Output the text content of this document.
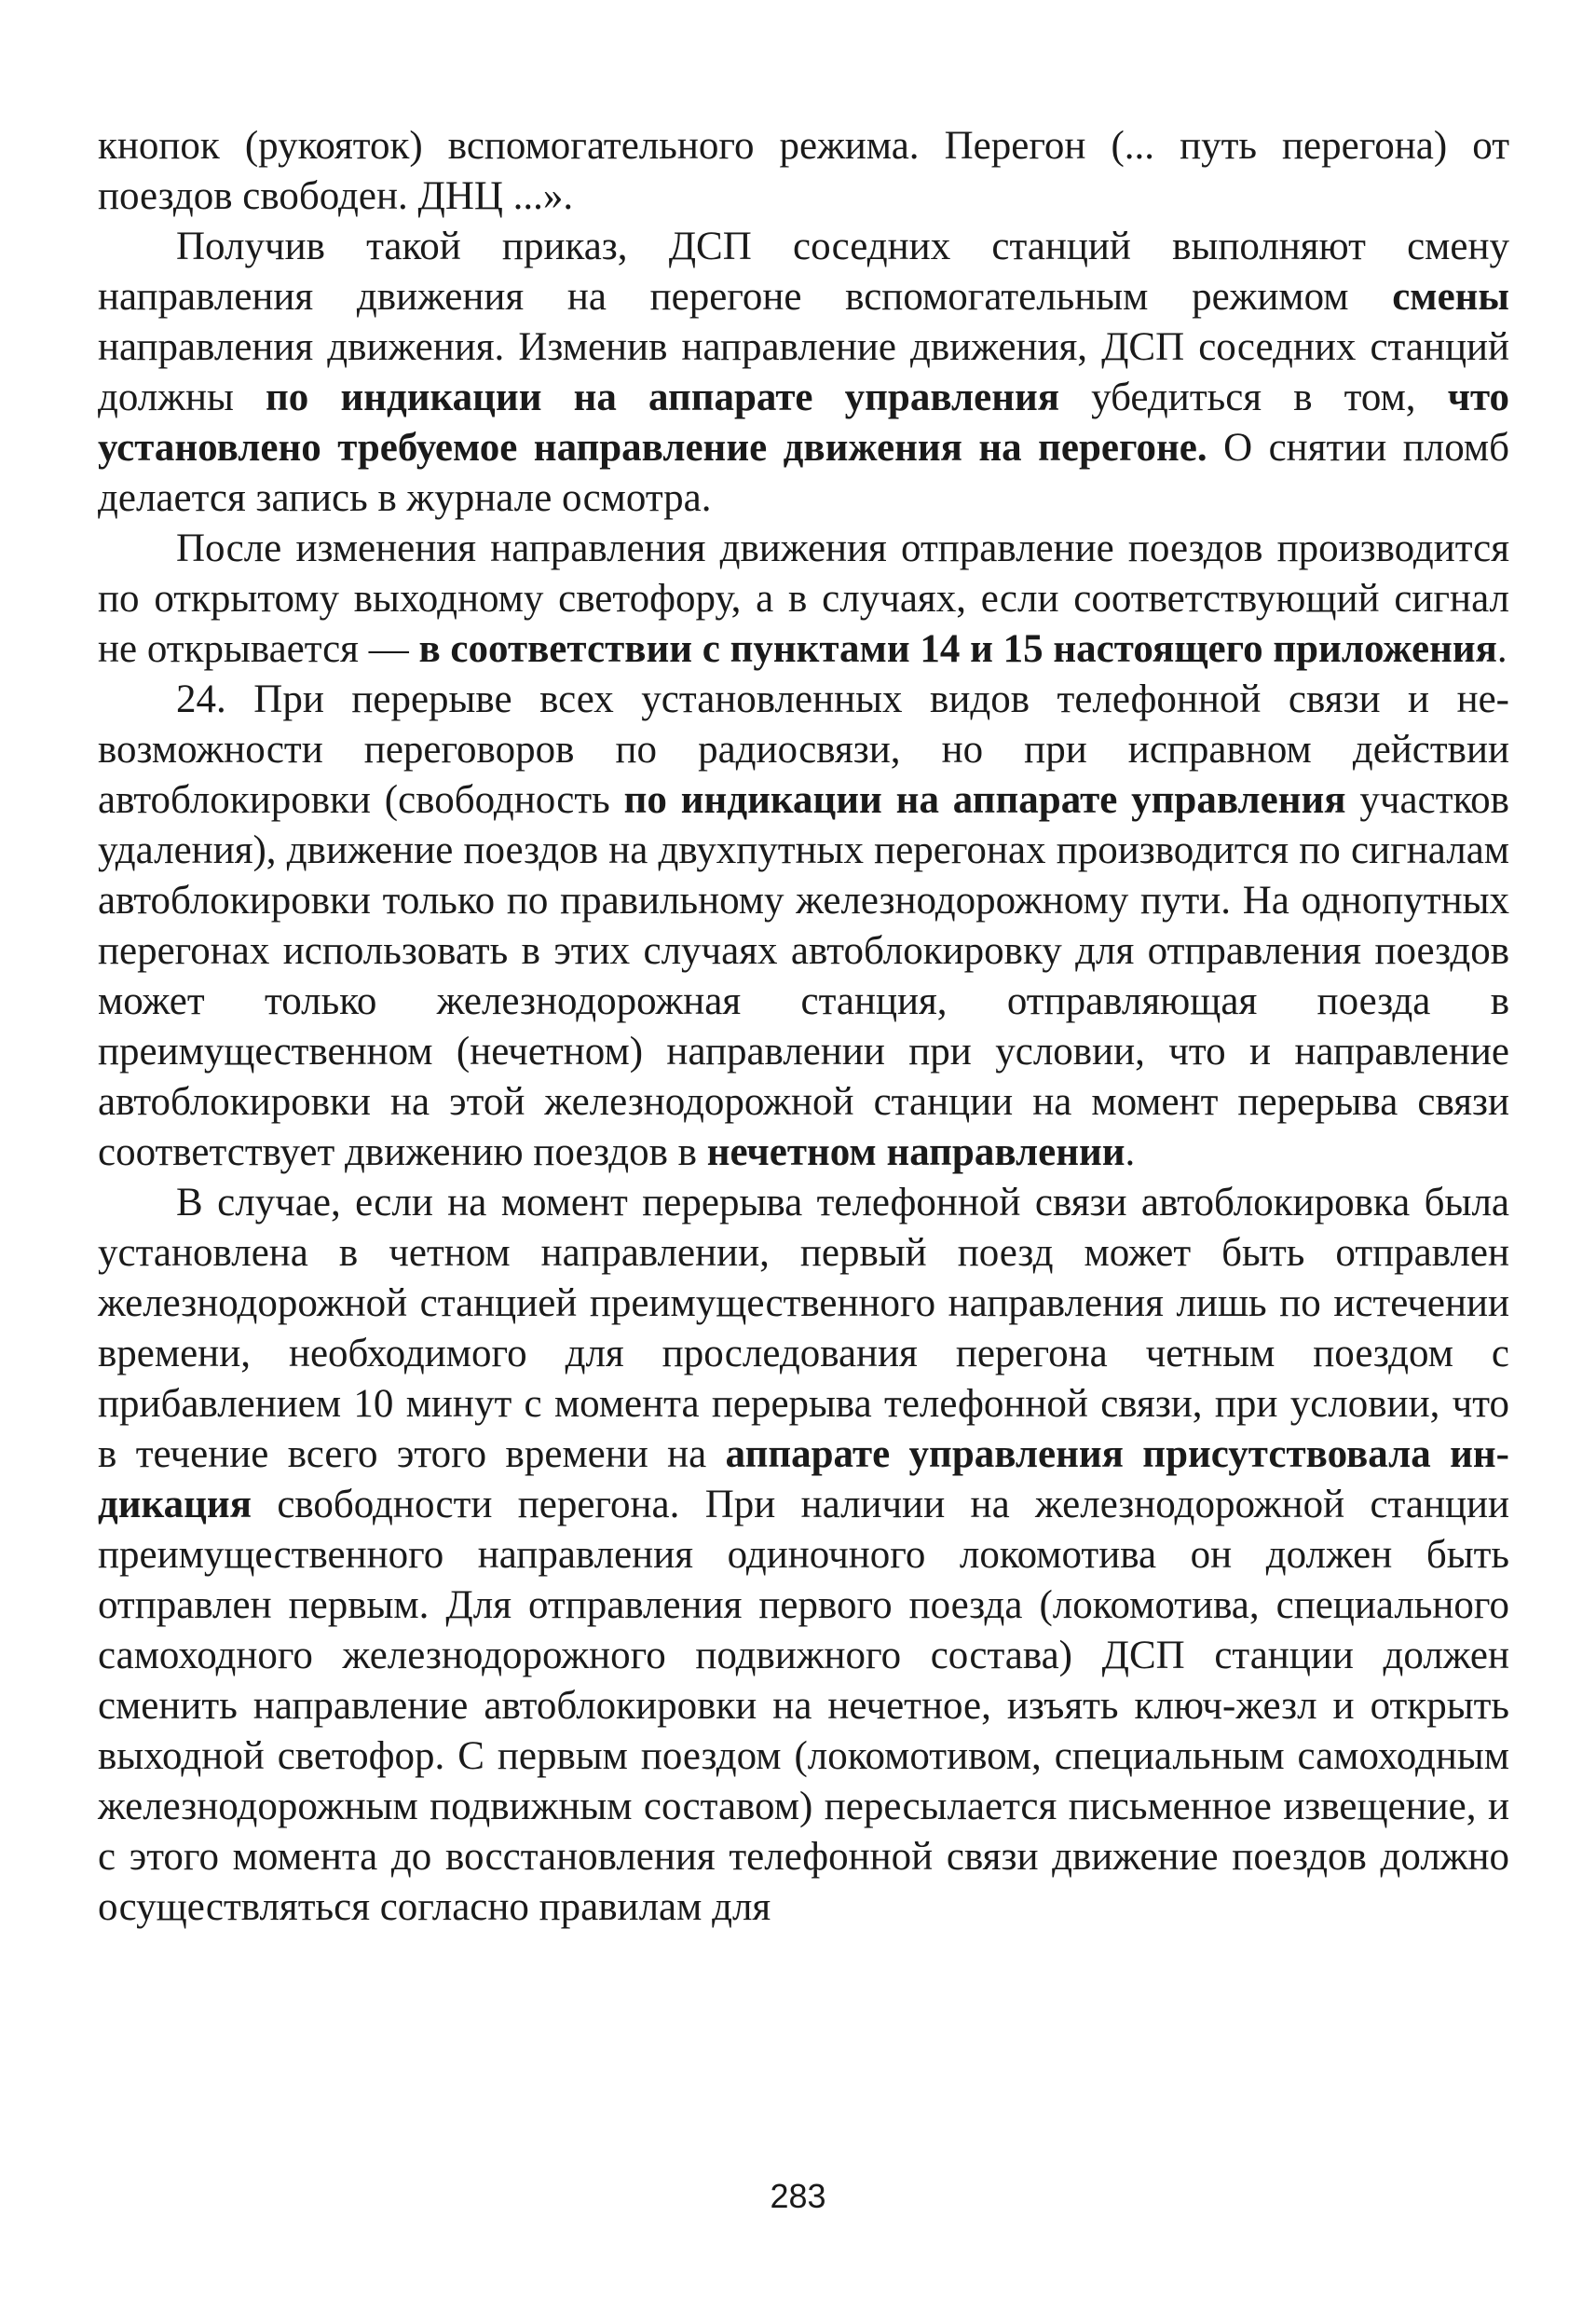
кнопок (рукояток) вспомогательного режима. Перегон (... путь перегона) от поездов свободен. ДНЦ ...».

Получив такой приказ, ДСП соседних станций выполняют смену направления движения на перегоне вспомогательным режимом смены направления движения. Изменив направление движения, ДСП соседних станций должны по индикации на аппарате управления убедиться в том, что установлено требуемое направление движения на перегоне. О снятии пломб делается запись в журнале осмотра.

После изменения направления движения отправление поездов производится по открытому выходному светофору, а в случаях, если соответствующий сигнал не открывается — в соответствии с пунктами 14 и 15 настоящего приложения.

24. При перерыве всех установленных видов телефонной связи и невозможности переговоров по радиосвязи, но при исправном действии автоблокировки (свободность по индикации на аппарате управления участков удаления), движение поездов на двухпутных перегонах производится по сигналам автоблокировки только по правильному железнодорожному пути. На однопутных перегонах использовать в этих случаях автоблокировку для отправления поездов может только железнодорожная станция, отправляющая поезда в преимущественном (нечетном) направлении при условии, что и направление автоблокировки на этой железнодорожной станции на момент перерыва связи соответствует движению поездов в нечетном направлении.

В случае, если на момент перерыва телефонной связи автоблокировка была установлена в четном направлении, первый поезд может быть отправлен железнодорожной станцией преимущественного направления лишь по истечении времени, необходимого для проследования перегона четным поездом с прибавлением 10 минут с момента перерыва телефонной связи, при условии, что в течение всего этого времени на аппарате управления присутствовала индикация свободности перегона. При наличии на железнодорожной станции преимущественного направления одиночного локомотива он должен быть отправлен первым. Для отправления первого поезда (локомотива, специального самоходного железнодорожного подвижного состава) ДСП станции должен сменить направление автоблокировки на нечетное, изъять ключ-жезл и открыть выходной светофор. С первым поездом (локомотивом, специальным самоходным железнодорожным подвижным составом) пересылается письменное извещение, и с этого момента до восстановления телефонной связи движение поездов должно осуществляться согласно правилам для

283
